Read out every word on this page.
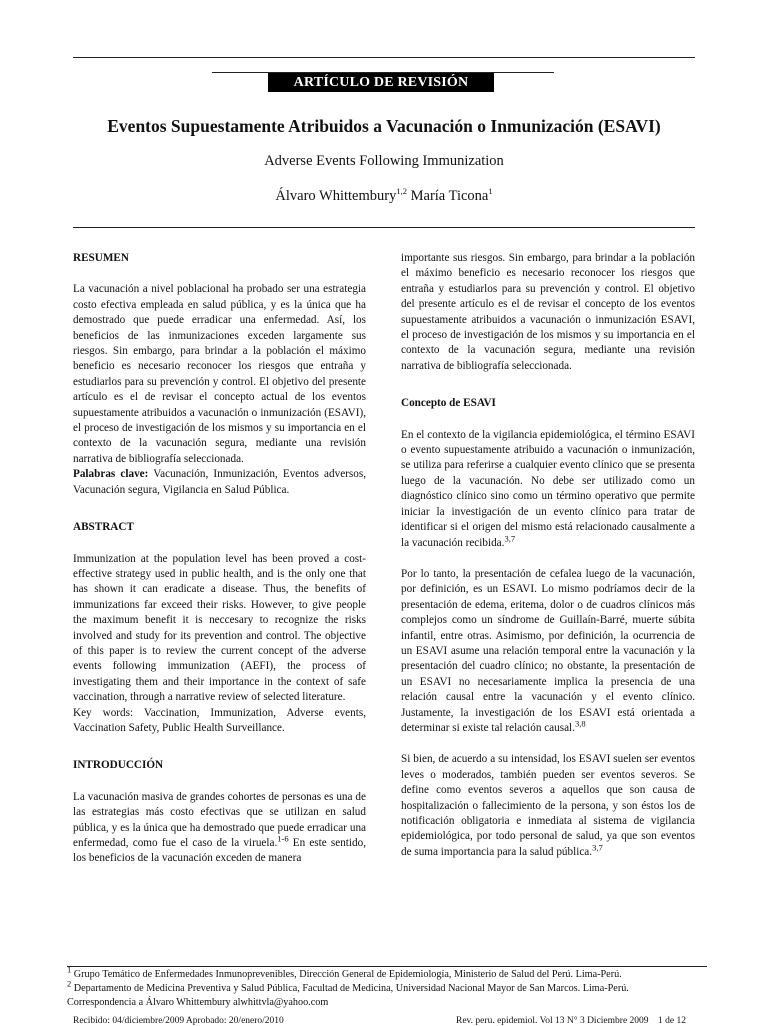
ARTÍCULO DE REVISIÓN
Eventos Supuestamente Atribuidos a Vacunación o Inmunización (ESAVI)
Adverse Events Following Immunization
Álvaro Whittembury$^{1,2}$ María Ticona$^1$
RESUMEN

La vacunación a nivel poblacional ha probado ser una estrategia costo efectiva empleada en salud pública, y es la única que ha demostrado que puede erradicar una enfermedad. Así, los beneficios de las inmunizaciones exceden largamente sus riesgos. Sin embargo, para brindar a la población el máximo beneficio es necesario reconocer los riesgos que entraña y estudiarlos para su prevención y control. El objetivo del presente artículo es el de revisar el concepto actual de los eventos supuestamente atribuidos a vacunación o inmunización (ESAVI), el proceso de investigación de los mismos y su importancia en el contexto de la vacunación segura, mediante una revisión narrativa de bibliografía seleccionada.

Palabras clave: Vacunación, Inmunización, Eventos adversos, Vacunación segura, Vigilancia en Salud Pública.

ABSTRACT

Immunization at the population level has been proved a cost-effective strategy used in public health, and is the only one that has shown it can eradicate a disease. Thus, the benefits of immunizations far exceed their risks. However, to give people the maximum benefit it is neccesary to recognize the risks involved and study for its prevention and control. The objective of this paper is to review the current concept of the adverse events following immunization (AEFI), the process of investigating them and their importance in the context of safe vaccination, through a narrative review of selected literature.

Key words: Vaccination, Immunization, Adverse events, Vaccination Safety, Public Health Surveillance.

INTRODUCCIÓN

La vacunación masiva de grandes cohortes de personas es una de las estrategias más costo efectivas que se utilizan en salud pública, y es la única que ha demostrado que puede erradicar una enfermedad, como fue el caso de la viruela.$^{1-6}$ En este sentido, los beneficios de la vacunación exceden de manera

importante sus riesgos. Sin embargo, para brindar a la población el máximo beneficio es necesario reconocer los riesgos que entraña y estudiarlos para su prevención y control. El objetivo del presente artículo es el de revisar el concepto de los eventos supuestamente atribuidos a vacunación o inmunización ESAVI, el proceso de investigación de los mismos y su importancia en el contexto de la vacunación segura, mediante una revisión narrativa de bibliografía seleccionada.

Concepto de ESAVI

En el contexto de la vigilancia epidemiológica, el término ESAVI o evento supuestamente atribuido a vacunación o inmunización, se utiliza para referirse a cualquier evento clínico que se presenta luego de la vacunación. No debe ser utilizado como un diagnóstico clínico sino como un término operativo que permite iniciar la investigación de un evento clínico para tratar de identificar si el origen del mismo está relacionado causalmente a la vacunación recibida.$^{3,7}$

Por lo tanto, la presentación de cefalea luego de la vacunación, por definición, es un ESAVI. Lo mismo podríamos decir de la presentación de edema, eritema, dolor o de cuadros clínicos más complejos como un síndrome de Guillaín-Barré, muerte súbita infantil, entre otras. Asimismo, por definición, la ocurrencia de un ESAVI asume una relación temporal entre la vacunación y la presentación del cuadro clínico; no obstante, la presentación de un ESAVI no necesariamente implica la presencia de una relación causal entre la vacunación y el evento clínico. Justamente, la investigación de los ESAVI está orientada a determinar si existe tal relación causal.$^{3,8}$

Si bien, de acuerdo a su intensidad, los ESAVI suelen ser eventos leves o moderados, también pueden ser eventos severos. Se define como eventos severos a aquellos que son causa de hospitalización o fallecimiento de la persona, y son éstos los de notificación obligatoria e inmediata al sistema de vigilancia epidemiológica, por todo personal de salud, ya que son eventos de suma importancia para la salud pública.$^{3,7}$

$^1$ Grupo Temático de Enfermedades Inmunoprevenibles, Dirección General de Epidemiología, Ministerio de Salud del Perú. Lima-Perú.

$^2$ Departamento de Medicina Preventiva y Salud Pública, Facultad de Medicina, Universidad Nacional Mayor de San Marcos. Lima-Perú.

Correspondencia a Álvaro Whittembury alwhittvla@yahoo.com

Recibido: 04/diciembre/2009 Aprobado: 20/enero/2010	Rev. peru. epidemiol. Vol 13 N° 3 Diciembre 2009 1 de 12
